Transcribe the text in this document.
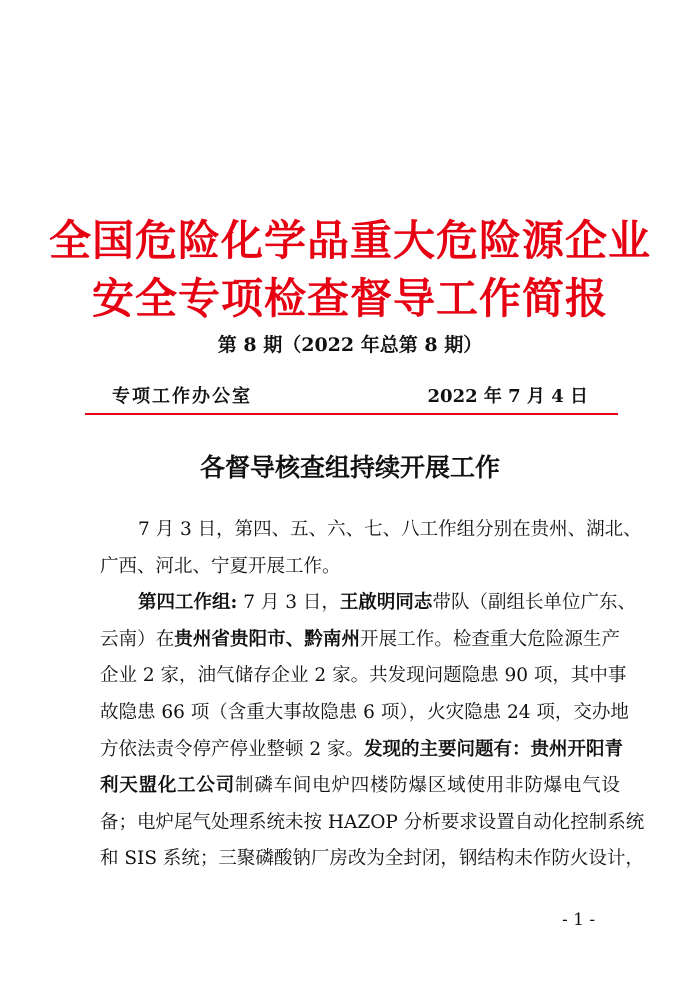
全国危险化学品重大危险源企业
安全专项检查督导工作简报
第 8 期（2022 年总第 8 期）
专项工作办公室	2022 年 7 月 4 日
各督导核查组持续开展工作
7 月 3 日，第四、五、六、七、八工作组分别在贵州、湖北、
广西、河北、宁夏开展工作。
第四工作组: 7 月 3 日，王啟明同志带队（副组长单位广东、
云南）在贵州省贵阳市、黔南州开展工作。检查重大危险源生产
企业 2 家，油气储存企业 2 家。共发现问题隐患 90 项，其中事
故隐患 66 项（含重大事故隐患 6 项），火灾隐患 24 项，交办地
方依法责令停产停业整顿 2 家。发现的主要问题有：贵州开阳青
利天盟化工公司制磷车间电炉四楼防爆区域使用非防爆电气设
备；电炉尾气处理系统未按 HAZOP 分析要求设置自动化控制系统
和 SIS 系统；三聚磷酸钠厂房改为全封闭，钢结构未作防火设计，
- 1 -
